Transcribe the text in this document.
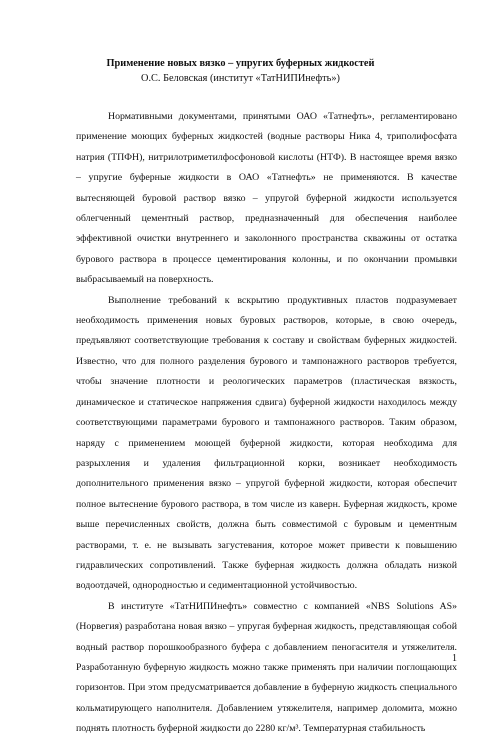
Применение новых вязко – упругих буферных жидкостей
О.С. Беловская (институт «ТатНИПИнефть»)

Нормативными документами, принятыми ОАО «Татнефть», регламентировано применение моющих буферных жидкостей (водные растворы Ника 4, триполифосфата натрия (ТПФН), нитрилотриметилфосфоновой кислоты (НТФ). В настоящее время вязко – упругие буферные жидкости в ОАО «Татнефть» не применяются. В качестве вытесняющей буровой раствор вязко – упругой буферной жидкости используется облегченный цементный раствор, предназначенный для обеспечения наиболее эффективной очистки внутреннего и заколонного пространства скважины от остатка бурового раствора в процессе цементирования колонны, и по окончании промывки выбрасываемый на поверхность.

Выполнение требований к вскрытию продуктивных пластов подразумевает необходимость применения новых буровых растворов, которые, в свою очередь, предъявляют соответствующие требования к составу и свойствам буферных жидкостей. Известно, что для полного разделения бурового и тампонажного растворов требуется, чтобы значение плотности и реологических параметров (пластическая вязкость, динамическое и статическое напряжения сдвига) буферной жидкости находилось между соответствующими параметрами бурового и тампонажного растворов. Таким образом, наряду с применением моющей буферной жидкости, которая необходима для разрыхления и удаления фильтрационной корки, возникает необходимость дополнительного применения вязко – упругой буферной жидкости, которая обеспечит полное вытеснение бурового раствора, в том числе из каверн. Буферная жидкость, кроме выше перечисленных свойств, должна быть совместимой с буровым и цементным растворами, т. е. не вызывать загустевания, которое может привести к повышению гидравлических сопротивлений. Также буферная жидкость должна обладать низкой водоотдачей, однородностью и седиментационной устойчивостью.

В институте «ТатНИПИнефть» совместно с компанией «NBS Solutions AS» (Норвегия) разработана новая вязко – упругая буферная жидкость, представляющая собой водный раствор порошкообразного буфера с добавлением пеногасителя и утяжелителя. Разработанную буферную жидкость можно также применять при наличии поглощающих горизонтов. При этом предусматривается добавление в буферную жидкость специального кольматирующего наполнителя. Добавлением утяжелителя, например доломита, можно поднять плотность буферной жидкости до 2280 кг/м³. Температурная стабильность

1
